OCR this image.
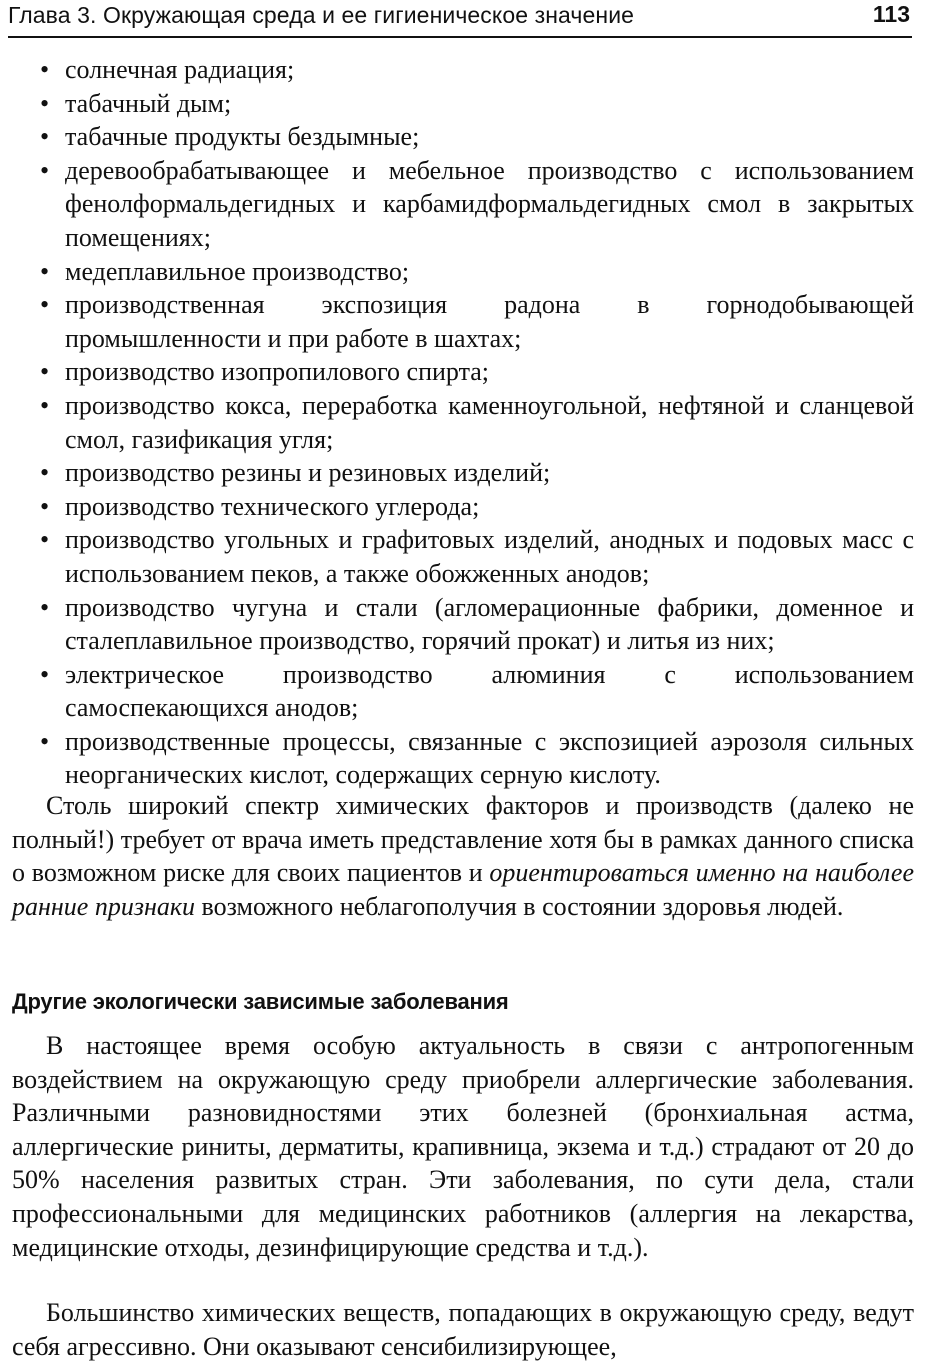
Глава 3. Окружающая среда и ее гигиеническое значение	113
• солнечная радиация;
• табачный дым;
• табачные продукты бездымные;
• деревообрабатывающее и мебельное производство с использованием фенолформальдегидных и карбамидформальдегидных смол в закрытых помещениях;
• медеплавильное производство;
• производственная экспозиция радона в горнодобывающей промышленности и при работе в шахтах;
• производство изопропилового спирта;
• производство кокса, переработка каменноугольной, нефтяной и сланцевой смол, газификация угля;
• производство резины и резиновых изделий;
• производство технического углерода;
• производство угольных и графитовых изделий, анодных и подовых масс с использованием пеков, а также обожженных анодов;
• производство чугуна и стали (агломерационные фабрики, доменное и сталеплавильное производство, горячий прокат) и литья из них;
• электрическое производство алюминия с использованием самоспекающихся анодов;
• производственные процессы, связанные с экспозицией аэрозоля сильных неорганических кислот, содержащих серную кислоту.

Столь широкий спектр химических факторов и производств (далеко не полный!) требует от врача иметь представление хотя бы в рамках данного списка о возможном риске для своих пациентов и ориентироваться именно на наиболее ранние признаки возможного неблагополучия в состоянии здоровья людей.

Другие экологически зависимые заболевания

В настоящее время особую актуальность в связи с антропогенным воздействием на окружающую среду приобрели аллергические заболевания. Различными разновидностями этих болезней (бронхиальная астма, аллергические риниты, дерматиты, крапивница, экзема и т.д.) страдают от 20 до 50% населения развитых стран. Эти заболевания, по сути дела, стали профессиональными для медицинских работников (аллергия на лекарства, медицинские отходы, дезинфицирующие средства и т.д.).

Большинство химических веществ, попадающих в окружающую среду, ведут себя агрессивно. Они оказывают сенсибилизирующее,
